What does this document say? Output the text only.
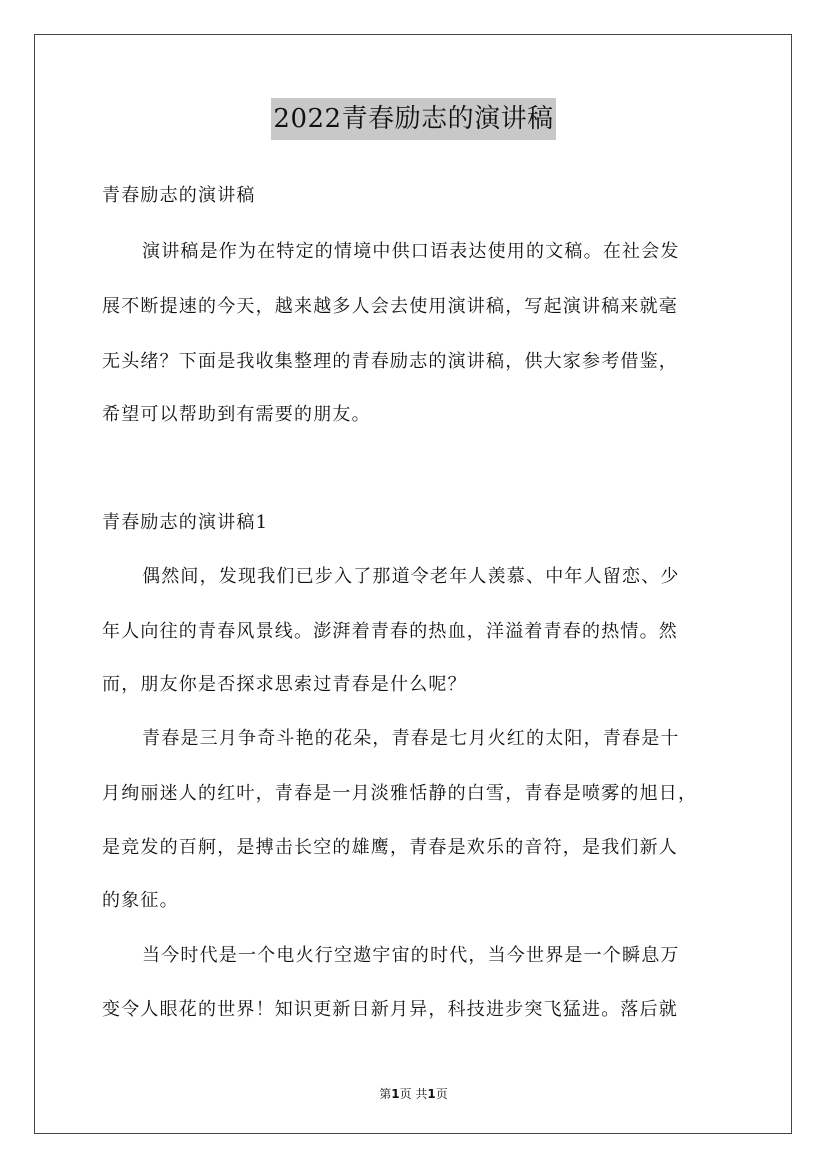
2022青春励志的演讲稿
青春励志的演讲稿
演讲稿是作为在特定的情境中供口语表达使用的文稿。在社会发
展不断提速的今天，越来越多人会去使用演讲稿，写起演讲稿来就毫
无头绪？下面是我收集整理的青春励志的演讲稿，供大家参考借鉴，
希望可以帮助到有需要的朋友。
青春励志的演讲稿1
偶然间，发现我们已步入了那道令老年人羡慕、中年人留恋、少
年人向往的青春风景线。澎湃着青春的热血，洋溢着青春的热情。然
而，朋友你是否探求思索过青春是什么呢？
青春是三月争奇斗艳的花朵，青春是七月火红的太阳，青春是十
月绚丽迷人的红叶，青春是一月淡雅恬静的白雪，青春是喷雾的旭日，
是竞发的百舸，是搏击长空的雄鹰，青春是欢乐的音符，是我们新人
的象征。
当今时代是一个电火行空遨宇宙的时代，当今世界是一个瞬息万
变令人眼花的世界！知识更新日新月异，科技进步突飞猛进。落后就
第1页 共1页
